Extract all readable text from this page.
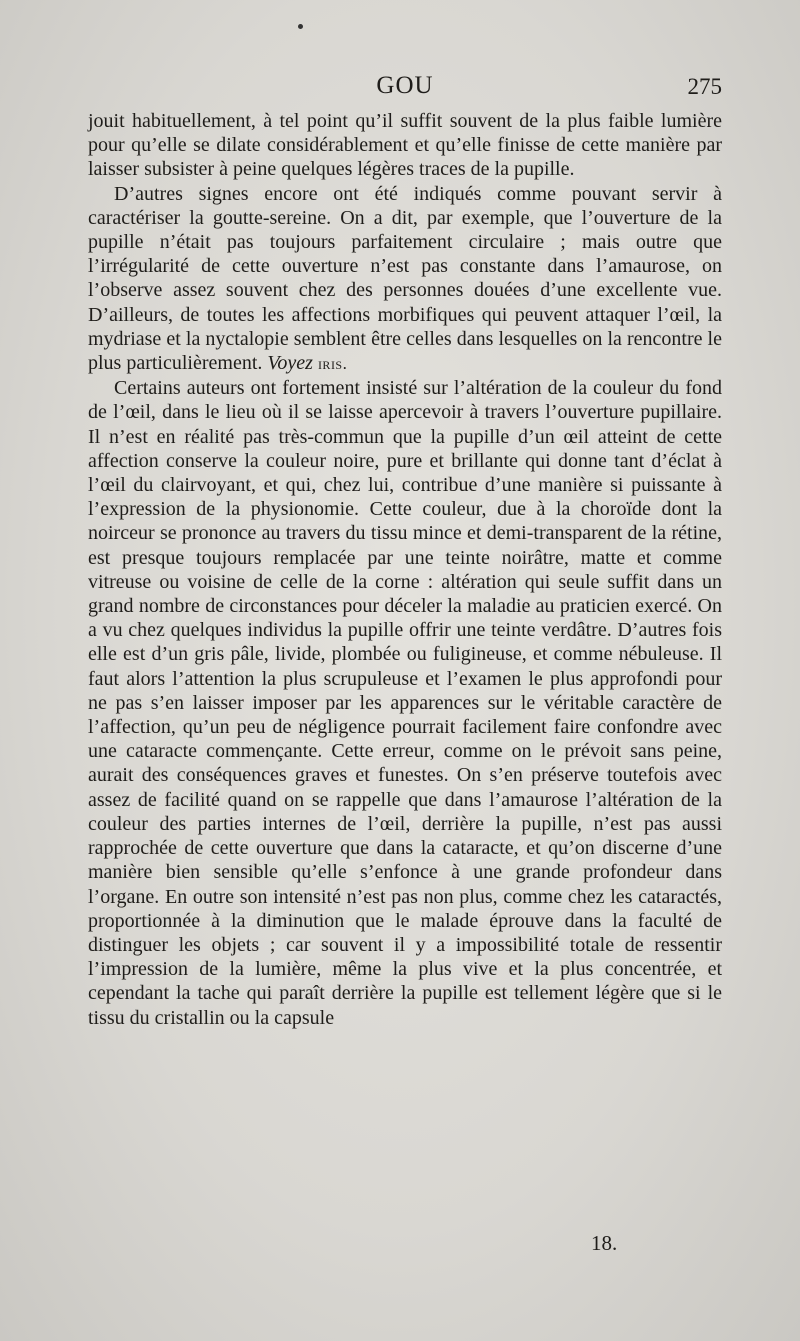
GOU	275

jouit habituellement, à tel point qu’il suffit souvent de la plus faible lumière pour qu’elle se dilate considérablement et qu’elle finisse de cette manière par laisser subsister à peine quelques légères traces de la pupille.

D’autres signes encore ont été indiqués comme pouvant servir à caractériser la goutte-sereine. On a dit, par exemple, que l’ouverture de la pupille n’était pas toujours parfaitement circulaire ; mais outre que l’irrégularité de cette ouverture n’est pas constante dans l’amaurose, on l’observe assez souvent chez des personnes douées d’une excellente vue. D’ailleurs, de toutes les affections morbifiques qui peuvent attaquer l’œil, la mydriase et la nyctalopie semblent être celles dans lesquelles on la rencontre le plus particulièrement. Voyez iris.

Certains auteurs ont fortement insisté sur l’altération de la couleur du fond de l’œil, dans le lieu où il se laisse apercevoir à travers l’ouverture pupillaire. Il n’est en réalité pas très-commun que la pupille d’un œil atteint de cette affection conserve la couleur noire, pure et brillante qui donne tant d’éclat à l’œil du clairvoyant, et qui, chez lui, contribue d’une manière si puissante à l’expression de la physionomie. Cette couleur, due à la choroïde dont la noirceur se prononce au travers du tissu mince et demi-transparent de la rétine, est presque toujours remplacée par une teinte noirâtre, matte et comme vitreuse ou voisine de celle de la corne : altération qui seule suffit dans un grand nombre de circonstances pour déceler la maladie au praticien exercé. On a vu chez quelques individus la pupille offrir une teinte verdâtre. D’autres fois elle est d’un gris pâle, livide, plombée ou fuligineuse, et comme nébuleuse. Il faut alors l’attention la plus scrupuleuse et l’examen le plus approfondi pour ne pas s’en laisser imposer par les apparences sur le véritable caractère de l’affection, qu’un peu de négligence pourrait facilement faire confondre avec une cataracte commençante. Cette erreur, comme on le prévoit sans peine, aurait des conséquences graves et funestes. On s’en préserve toutefois avec assez de facilité quand on se rappelle que dans l’amaurose l’altération de la couleur des parties internes de l’œil, derrière la pupille, n’est pas aussi rapprochée de cette ouverture que dans la cataracte, et qu’on discerne d’une manière bien sensible qu’elle s’enfonce à une grande profondeur dans l’organe. En outre son intensité n’est pas non plus, comme chez les cataractés, proportionnée à la diminution que le malade éprouve dans la faculté de distinguer les objets ; car souvent il y a impossibilité totale de ressentir l’impression de la lumière, même la plus vive et la plus concentrée, et cependant la tache qui paraît derrière la pupille est tellement légère que si le tissu du cristallin ou la capsule

18.
